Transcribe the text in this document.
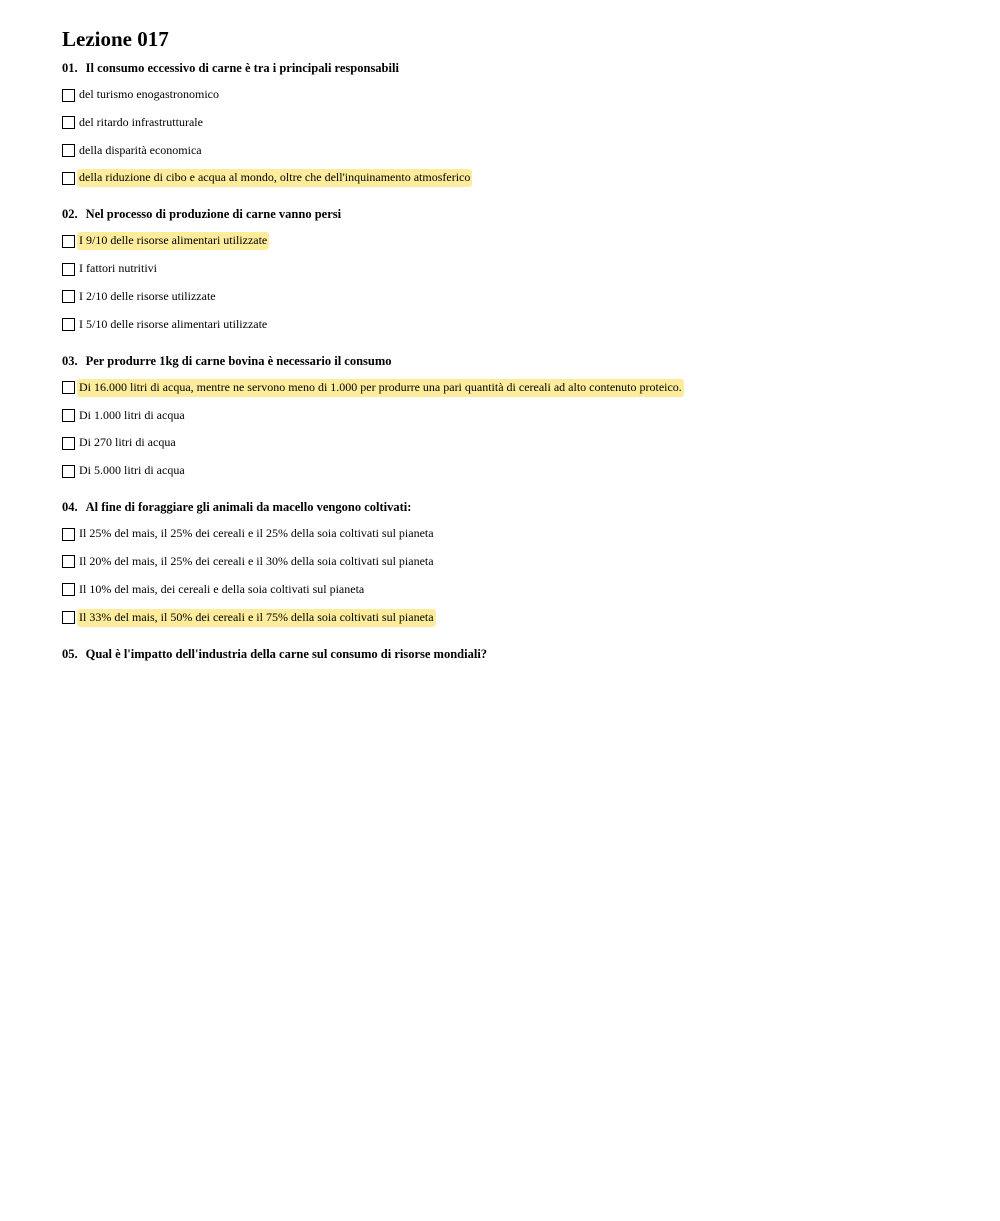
Lezione 017
01. Il consumo eccessivo di carne è tra i principali responsabili
del turismo enogastronomico
del ritardo infrastrutturale
della disparità economica
della riduzione di cibo e acqua al mondo, oltre che dell'inquinamento atmosferico
02. Nel processo di produzione di carne vanno persi
I 9/10 delle risorse alimentari utilizzate
I fattori nutritivi
I 2/10 delle risorse utilizzate
I 5/10 delle risorse alimentari utilizzate
03. Per produrre 1kg di carne bovina è necessario il consumo
Di 16.000 litri di acqua, mentre ne servono meno di 1.000 per produrre una pari quantità di cereali ad alto contenuto proteico.
Di 1.000 litri di acqua
Di 270 litri di acqua
Di 5.000 litri di acqua
04. Al fine di foraggiare gli animali da macello vengono coltivati:
Il 25% del mais, il 25% dei cereali e il 25% della soia coltivati sul pianeta
Il 20% del mais, il 25% dei cereali e il 30% della soia coltivati sul pianeta
Il 10% del mais, dei cereali e della soia coltivati sul pianeta
Il 33% del mais, il 50% dei cereali e il 75% della soia coltivati sul pianeta
05. Qual è l'impatto dell'industria della carne sul consumo di risorse mondiali?
